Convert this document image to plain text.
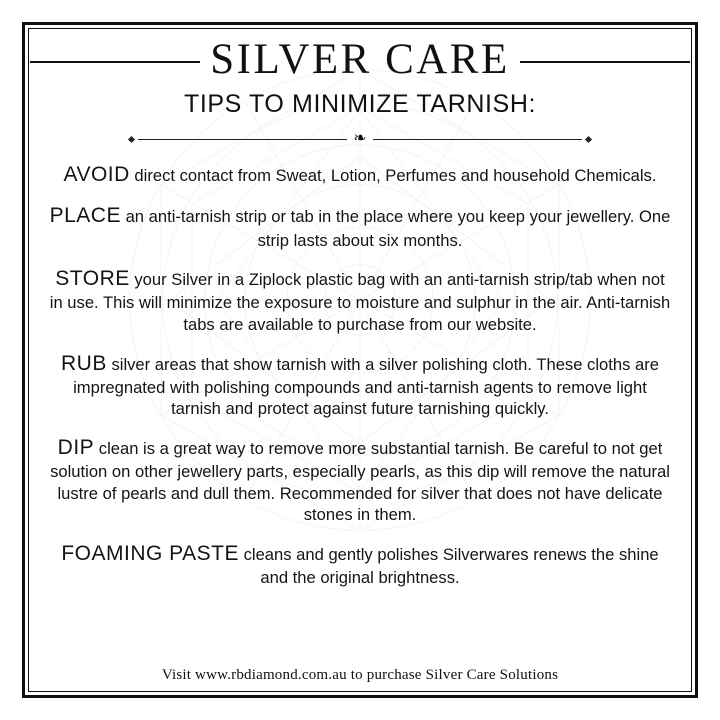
SILVER CARE
TIPS TO MINIMIZE TARNISH:
❧

AVOID direct contact from Sweat, Lotion, Perfumes and household Chemicals.

PLACE an anti-tarnish strip or tab in the place where you keep your jewellery. One strip lasts about six months.

STORE your Silver in a Ziplock plastic bag with an anti-tarnish strip/tab when not in use. This will minimize the exposure to moisture and sulphur in the air. Anti-tarnish tabs are available to purchase from our website.

RUB silver areas that show tarnish with a silver polishing cloth. These cloths are impregnated with polishing compounds and anti-tarnish agents to remove light tarnish and protect against future tarnishing quickly.

DIP clean is a great way to remove more substantial tarnish. Be careful to not get solution on other jewellery parts, especially pearls, as this dip will remove the natural lustre of pearls and dull them. Recommended for silver that does not have delicate stones in them.

FOAMING PASTE cleans and gently polishes Silverwares renews the shine and the original brightness.

Visit www.rbdiamond.com.au to purchase Silver Care Solutions
